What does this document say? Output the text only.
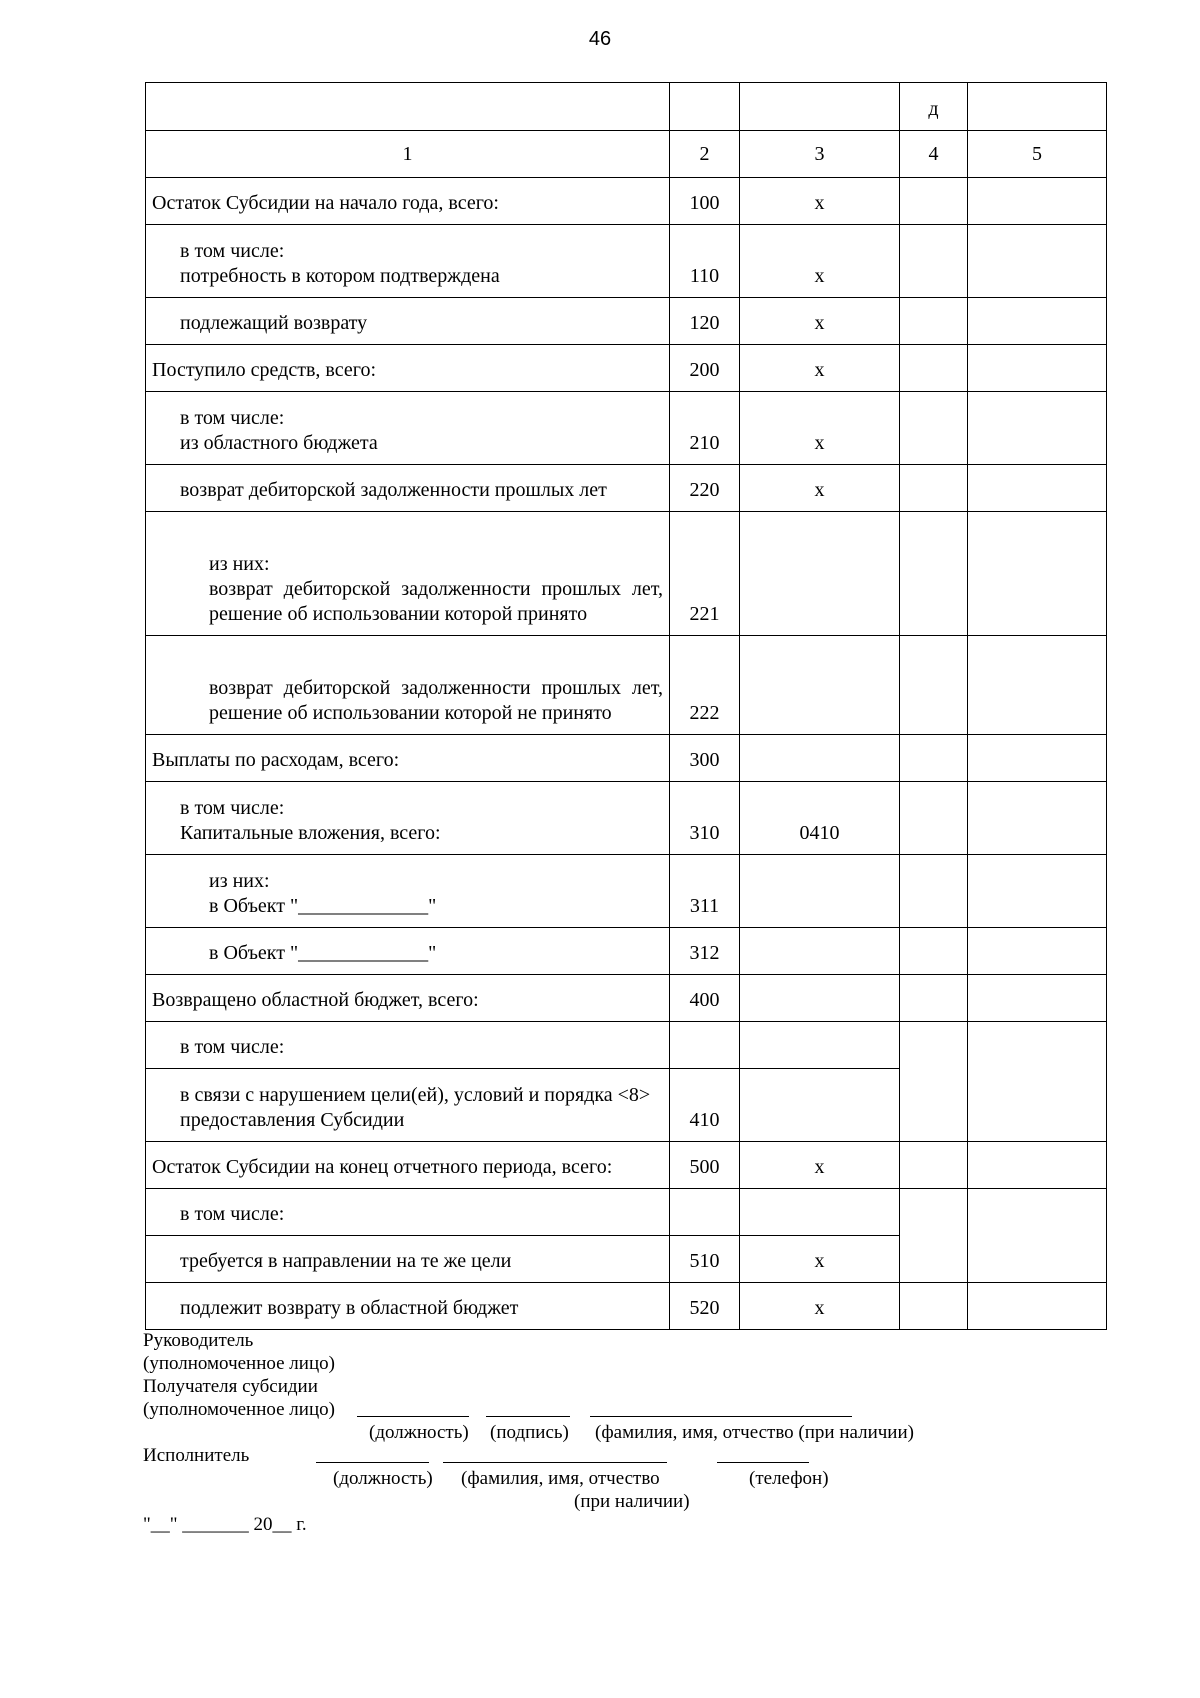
46

			д	

1	2	3	4	5

Остаток Субсидии на начало года, всего:	100	x		

в том числе:
потребность в котором подтверждена	110	x		

подлежащий возврату	120	x		

Поступило средств, всего:	200	x		

в том числе:
из областного бюджета	210	x		

возврат дебиторской задолженности прошлых лет	220	x		

из них:
возврат дебиторской задолженности прошлых лет, решение об использовании которой принято	221			

возврат дебиторской задолженности прошлых лет, решение об использовании которой не принято	222			

Выплаты по расходам, всего:	300			

в том числе:
Капитальные вложения, всего:	310	0410		

из них:
в Объект "_____________"	311			

в Объект "_____________"	312			

Возвращено областной бюджет, всего:	400			

в том числе:				

в связи с нарушением цели(ей), условий и порядка <8> предоставления Субсидии	410			

Остаток Субсидии на конец отчетного периода, всего:	500	x		

в том числе:				

требуется в направлении на те же цели	510	x		

подлежит возврату в областной бюджет	520	x		

Руководитель
(уполномоченное лицо)
Получателя субсидии
(уполномоченное лицо)
(должность) (подпись) (фамилия, имя, отчество (при наличии)
Исполнитель
(должность) (фамилия, имя, отчество	(телефон)
(при наличии)
"__" _______ 20__ г.
